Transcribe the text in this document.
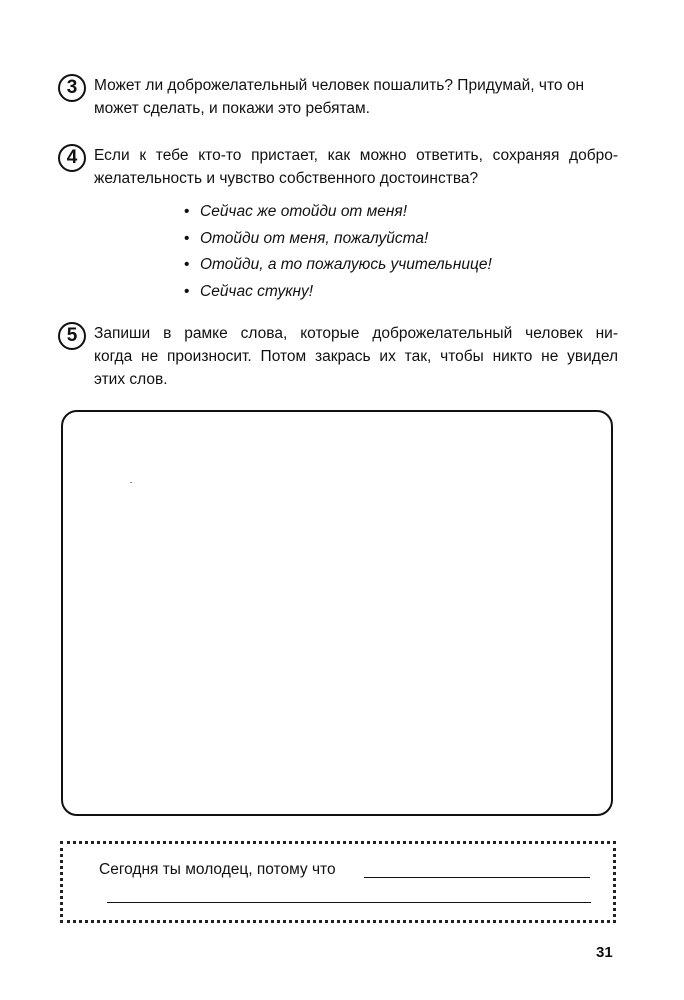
3	Может ли доброжелательный человек пошалить? Придумай, что он
может сделать, и покажи это ребятам.
4	Если к тебе кто-то пристает, как можно ответить, сохраняя добро-
желательность и чувство собственного достоинства?
• Сейчас же отойди от меня!
• Отойди от меня, пожалуйста!
• Отойди, а то пожалуюсь учительнице!
• Сейчас стукну!
5	Запиши в рамке слова, которые доброжелательный человек ни-
когда не произносит. Потом закрась их так, чтобы никто не увидел
этих слов.
Сегодня ты молодец, потому что
31
